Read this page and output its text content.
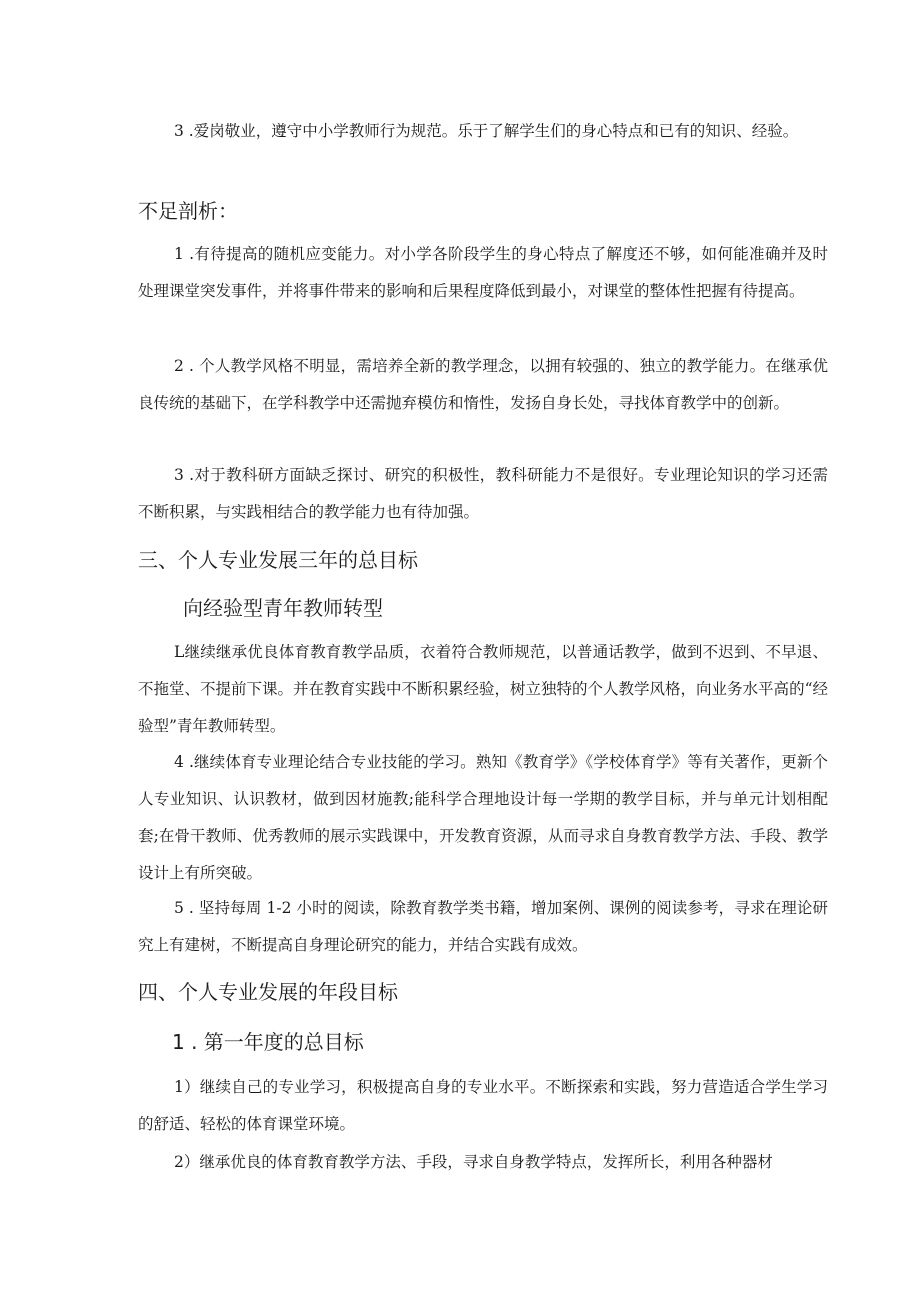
3 .爱岗敬业，遵守中小学教师行为规范。乐于了解学生们的身心特点和已有的知识、经验。

不足剖析：

1 .有待提高的随机应变能力。对小学各阶段学生的身心特点了解度还不够，如何能准确并及时处理课堂突发事件，并将事件带来的影响和后果程度降低到最小，对课堂的整体性把握有待提高。

2 . 个人教学风格不明显，需培养全新的教学理念，以拥有较强的、独立的教学能力。在继承优良传统的基础下，在学科教学中还需抛弃模仿和惰性，发扬自身长处，寻找体育教学中的创新。

3 .对于教科研方面缺乏探讨、研究的积极性，教科研能力不是很好。专业理论知识的学习还需不断积累，与实践相结合的教学能力也有待加强。

三、个人专业发展三年的总目标
向经验型青年教师转型

L继续继承优良体育教育教学品质，衣着符合教师规范，以普通话教学，做到不迟到、不早退、不拖堂、不提前下课。并在教育实践中不断积累经验，树立独特的个人教学风格，向业务水平高的“经验型”青年教师转型。

4 .继续体育专业理论结合专业技能的学习。熟知《教育学》《学校体育学》等有关著作，更新个人专业知识、认识教材，做到因材施教;能科学合理地设计每一学期的教学目标，并与单元计划相配套;在骨干教师、优秀教师的展示实践课中，开发教育资源，从而寻求自身教育教学方法、手段、教学设计上有所突破。

5 . 坚持每周 1-2 小时的阅读，除教育教学类书籍，增加案例、课例的阅读参考，寻求在理论研究上有建树，不断提高自身理论研究的能力，并结合实践有成效。

四、个人专业发展的年段目标
1 . 第一年度的总目标

1）继续自己的专业学习，积极提高自身的专业水平。不断探索和实践，努力营造适合学生学习的舒适、轻松的体育课堂环境。

2）继承优良的体育教育教学方法、手段，寻求自身教学特点，发挥所长，利用各种器材
